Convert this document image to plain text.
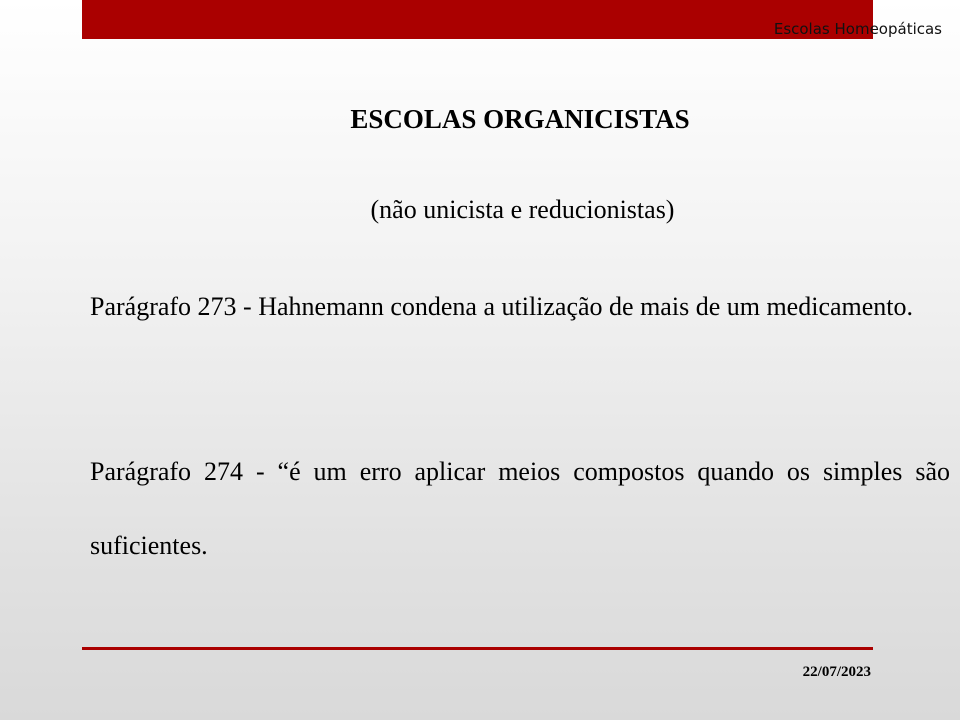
Escolas Homeopáticas
ESCOLAS ORGANICISTAS
(não unicista e reducionistas)
Parágrafo 273 - Hahnemann condena a utilização de mais de um medicamento.
Parágrafo 274 - “é um erro aplicar meios compostos quando os simples são suficientes.
22/07/2023
